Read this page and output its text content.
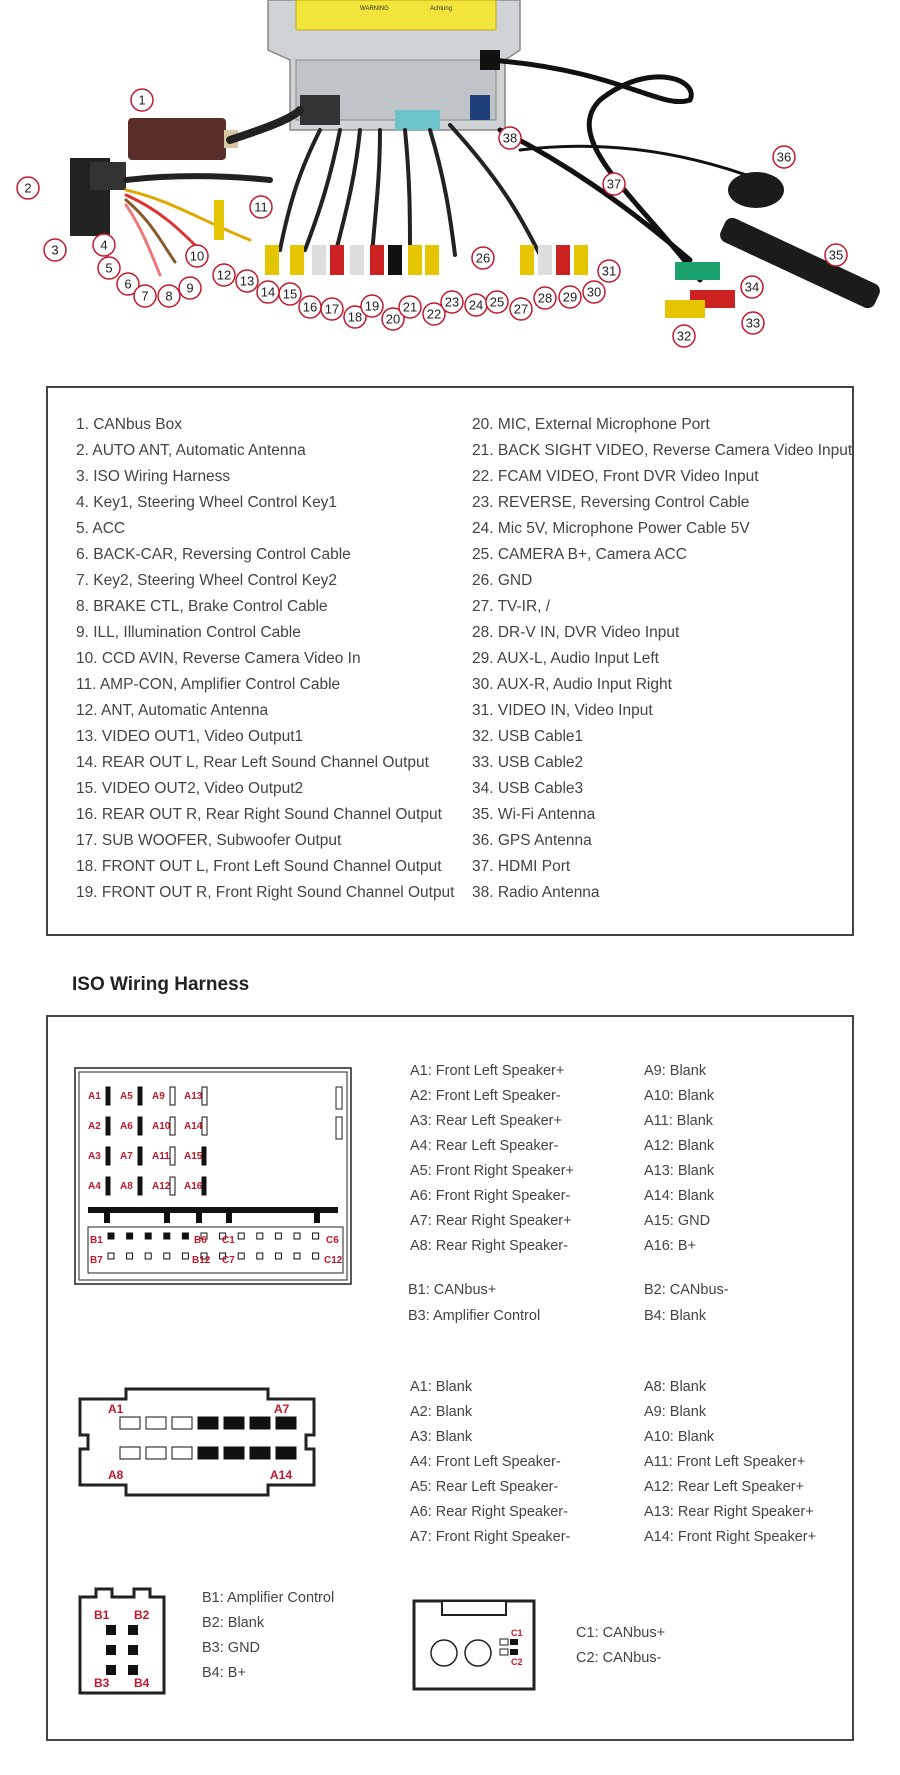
WARNING	Achtung
1
2
3	4
5
6
7 8
9
10
11
12 13
14 15
16 17
18
19
20
21 22
23 24 25
26
27
28 29 30
31
32
33
34
35
36
37
38
1. CANbus Box
2. AUTO ANT, Automatic Antenna
3. ISO Wiring Harness
4. Key1, Steering Wheel Control Key1
5. ACC
6. BACK-CAR, Reversing Control Cable
7. Key2, Steering Wheel Control Key2
8. BRAKE CTL, Brake Control Cable
9. ILL, Illumination Control Cable
10. CCD AVIN, Reverse Camera Video In
11. AMP-CON, Amplifier Control Cable
12. ANT, Automatic Antenna
13. VIDEO OUT1, Video Output1
14. REAR OUT L, Rear Left Sound Channel Output
15. VIDEO OUT2, Video Output2
16. REAR OUT R, Rear Right Sound Channel Output
17. SUB WOOFER, Subwoofer Output
18. FRONT OUT L, Front Left Sound Channel Output
19. FRONT OUT R, Front Right Sound Channel Output
20. MIC, External Microphone Port
21. BACK SIGHT VIDEO, Reverse Camera Video Input
22. FCAM VIDEO, Front DVR Video Input
23. REVERSE, Reversing Control Cable
24. Mic 5V, Microphone Power Cable 5V
25. CAMERA B+, Camera ACC
26. GND
27. TV-IR, /
28. DR-V IN, DVR Video Input
29. AUX-L, Audio Input Left
30. AUX-R, Audio Input Right
31. VIDEO IN, Video Input
32. USB Cable1
33. USB Cable2
34. USB Cable3
35. Wi-Fi Antenna
36. GPS Antenna
37. HDMI Port
38. Radio Antenna
ISO Wiring Harness
A1
A2
A3
A4
A5
A6
A7
A8
A9
A10
A11
A12
A13
A14
A15
A16
B1	B6 C1	C6
B7	B12 C7	C12
A1: Front Left Speaker+
A2: Front Left Speaker-
A3: Rear Left Speaker+
A4: Rear Left Speaker-
A5: Front Right Speaker+
A6: Front Right Speaker-
A7: Rear Right Speaker+
A8: Rear Right Speaker-
A9: Blank
A10: Blank
A11: Blank
A12: Blank
A13: Blank
A14: Blank
A15: GND
A16: B+
B1: CANbus+
B3: Amplifier Control
B2: CANbus-
B4: Blank
A1	A7
A8	A14
A1: Blank
A2: Blank
A3: Blank
A4: Front Left Speaker-
A5: Rear Left Speaker-
A6: Rear Right Speaker-
A7: Front Right Speaker-
A8: Blank
A9: Blank
A10: Blank
A11: Front Left Speaker+
A12: Rear Left Speaker+
A13: Rear Right Speaker+
A14: Front Right Speaker+
B1 B2
B3 B4
B1: Amplifier Control
B2: Blank
B3: GND
B4: B+
C1
C2
C1: CANbus+
C2: CANbus-
